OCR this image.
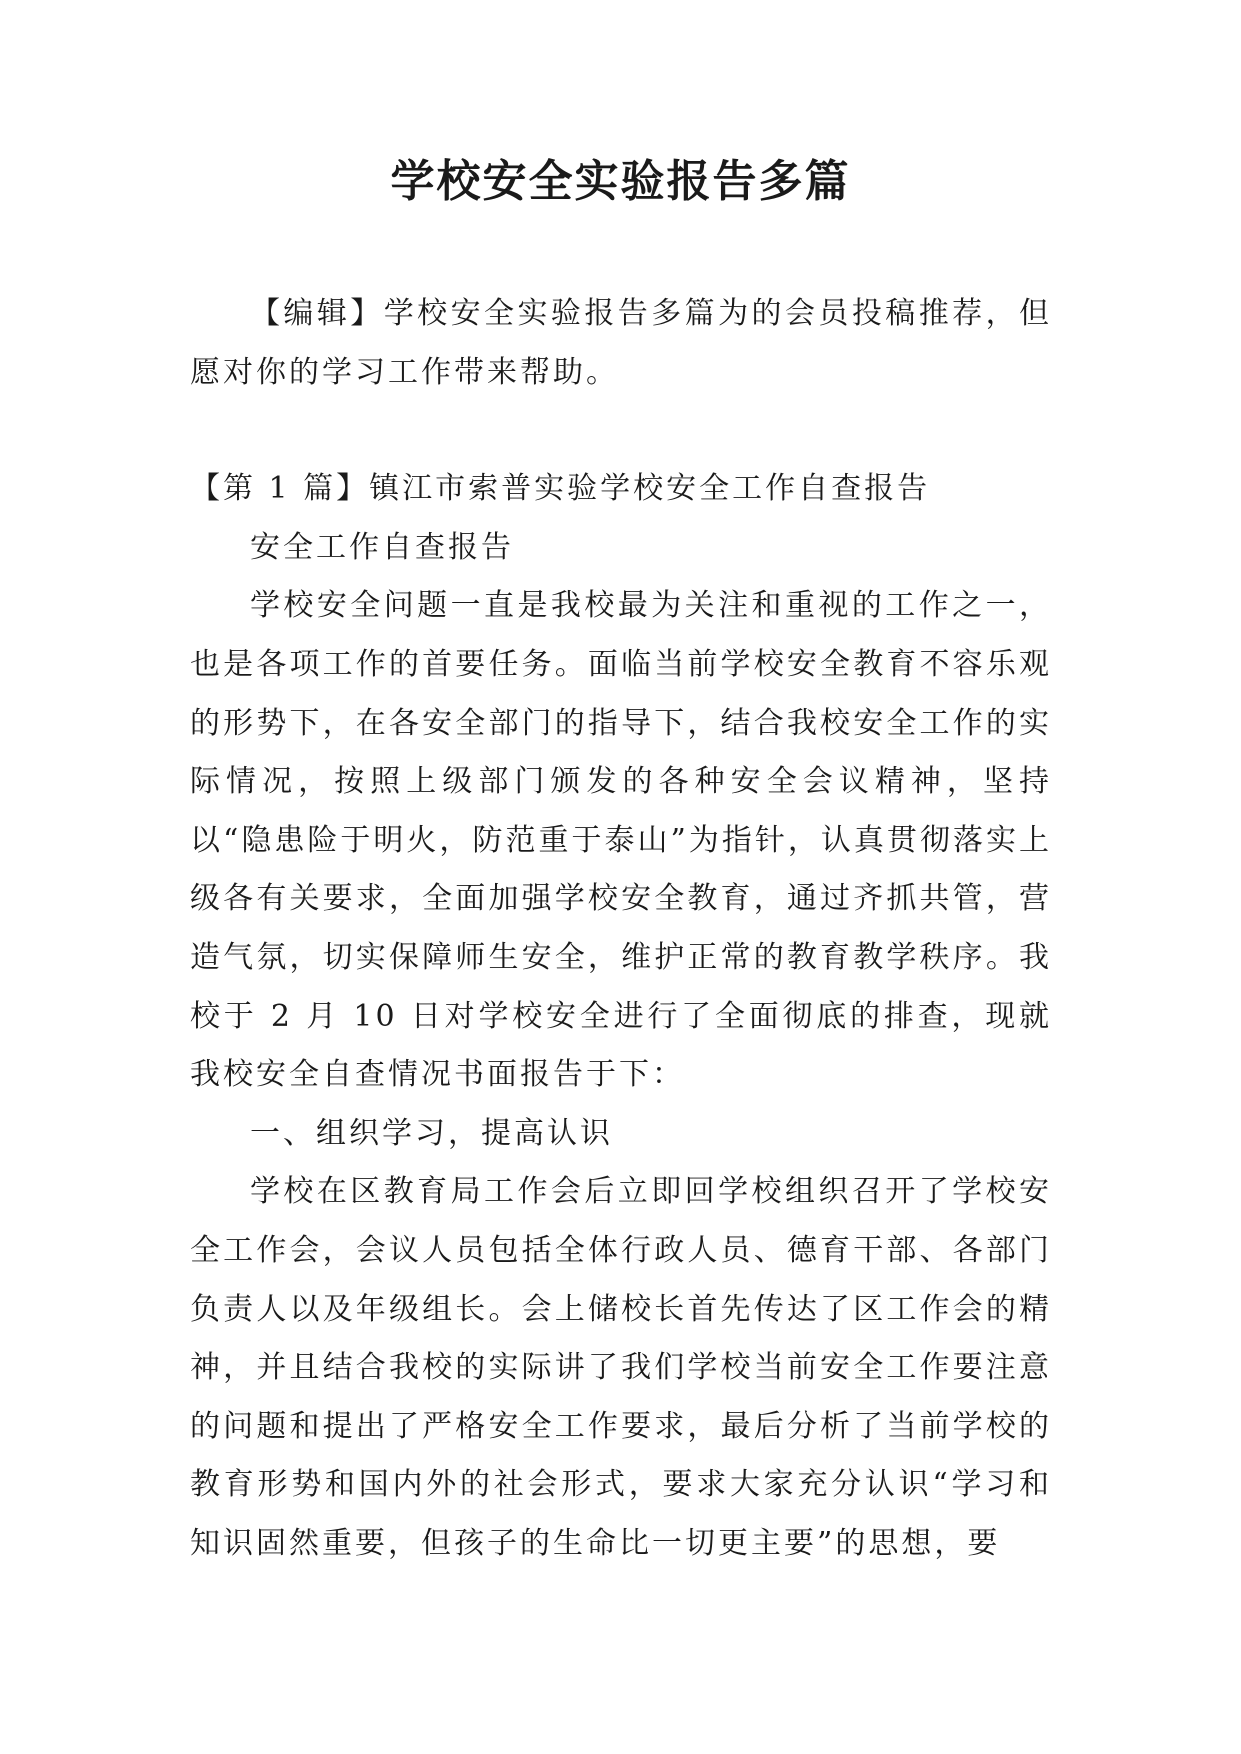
学校安全实验报告多篇

【编辑】学校安全实验报告多篇为的会员投稿推荐，但愿对你的学习工作带来帮助。

【第 1 篇】镇江市索普实验学校安全工作自查报告

安全工作自查报告

学校安全问题一直是我校最为关注和重视的工作之一，也是各项工作的首要任务。面临当前学校安全教育不容乐观的形势下，在各安全部门的指导下，结合我校安全工作的实际情况，按照上级部门颁发的各种安全会议精神，坚持以“隐患险于明火，防范重于泰山”为指针，认真贯彻落实上级各有关要求，全面加强学校安全教育，通过齐抓共管，营造气氛，切实保障师生安全，维护正常的教育教学秩序。我校于 2 月 10 日对学校安全进行了全面彻底的排查，现就我校安全自查情况书面报告于下：

一、组织学习，提高认识

学校在区教育局工作会后立即回学校组织召开了学校安全工作会，会议人员包括全体行政人员、德育干部、各部门负责人以及年级组长。会上储校长首先传达了区工作会的精神，并且结合我校的实际讲了我们学校当前安全工作要注意的问题和提出了严格安全工作要求，最后分析了当前学校的教育形势和国内外的社会形式，要求大家充分认识“学习和知识固然重要，但孩子的生命比一切更主要”的思想，要
